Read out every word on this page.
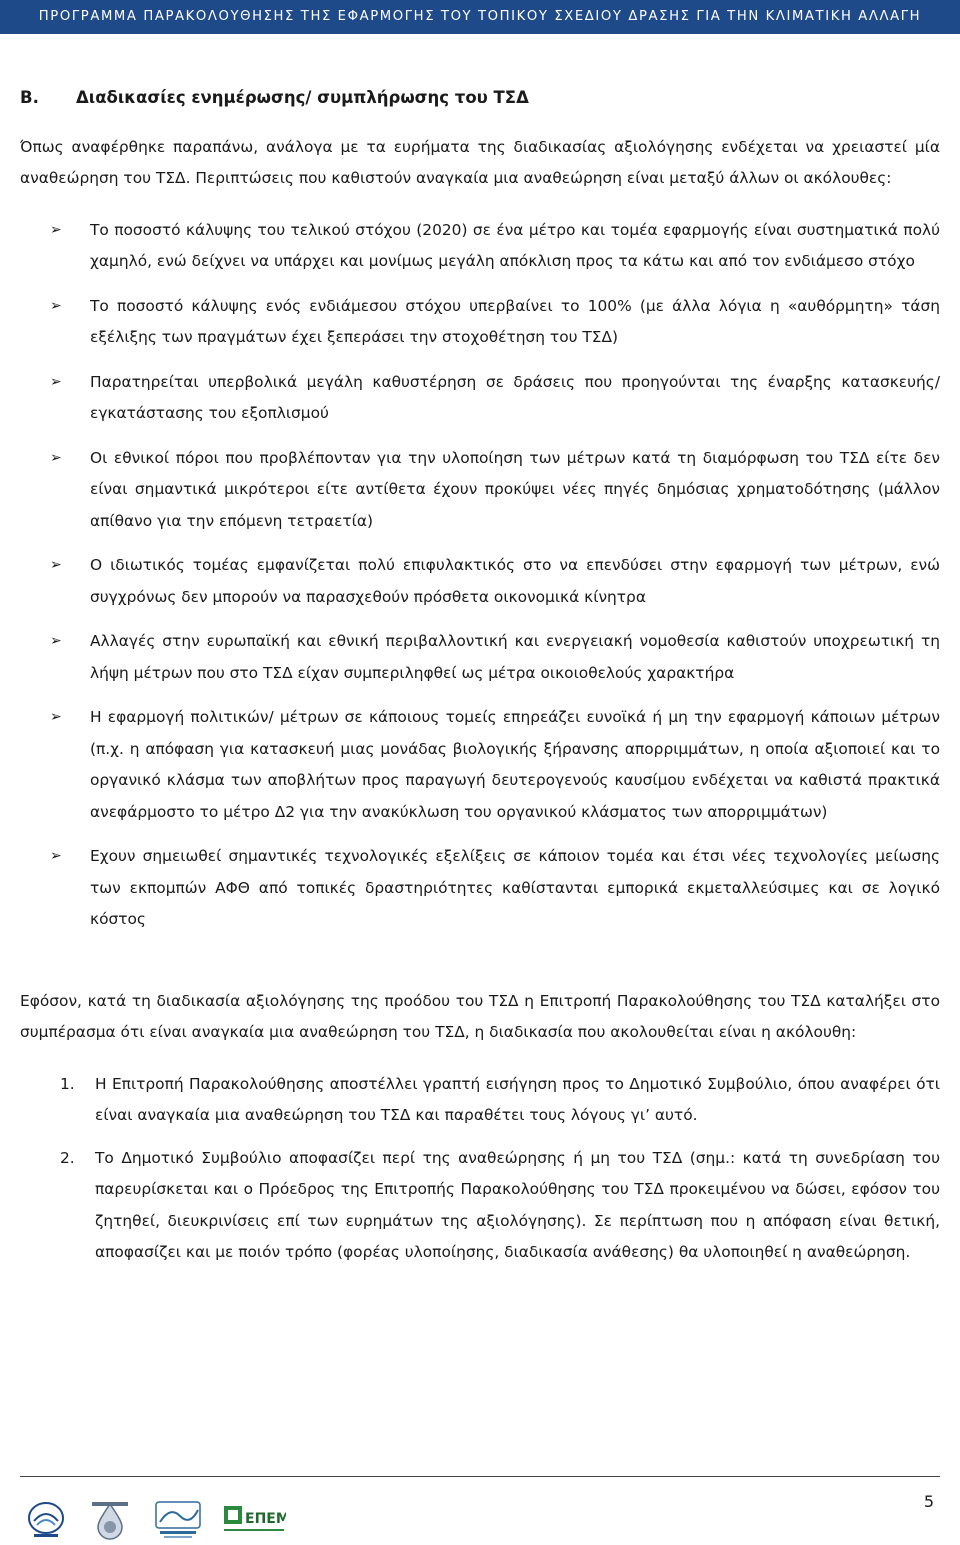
ΠΡΟΓΡΑΜΜΑ ΠΑΡΑΚΟΛΟΥΘΗΣΗΣ ΤΗΣ ΕΦΑΡΜΟΓΗΣ ΤΟΥ ΤΟΠΙΚΟΥ ΣΧΕΔΙΟΥ ΔΡΑΣΗΣ ΓΙΑ ΤΗΝ ΚΛΙΜΑΤΙΚΗ ΑΛΛΑΓΗ
Β. Διαδικασίες ενημέρωσης/ συμπλήρωσης του ΤΣΔ

Όπως αναφέρθηκε παραπάνω, ανάλογα με τα ευρήματα της διαδικασίας αξιολόγησης ενδέχεται να χρειαστεί μία αναθεώρηση του ΤΣΔ. Περιπτώσεις που καθιστούν αναγκαία μια αναθεώρηση είναι μεταξύ άλλων οι ακόλουθες:

➢ Το ποσοστό κάλυψης του τελικού στόχου (2020) σε ένα μέτρο και τομέα εφαρμογής είναι συστηματικά πολύ χαμηλό, ενώ δείχνει να υπάρχει και μονίμως μεγάλη απόκλιση προς τα κάτω και από τον ενδιάμεσο στόχο
➢ Το ποσοστό κάλυψης ενός ενδιάμεσου στόχου υπερβαίνει το 100% (με άλλα λόγια η «αυθόρμητη» τάση εξέλιξης των πραγμάτων έχει ξεπεράσει την στοχοθέτηση του ΤΣΔ)
➢ Παρατηρείται υπερβολικά μεγάλη καθυστέρηση σε δράσεις που προηγούνται της έναρξης κατασκευής/ εγκατάστασης του εξοπλισμού
➢ Οι εθνικοί πόροι που προβλέπονταν για την υλοποίηση των μέτρων κατά τη διαμόρφωση του ΤΣΔ είτε δεν είναι σημαντικά μικρότεροι είτε αντίθετα έχουν προκύψει νέες πηγές δημόσιας χρηματοδότησης (μάλλον απίθανο για την επόμενη τετραετία)
➢ Ο ιδιωτικός τομέας εμφανίζεται πολύ επιφυλακτικός στο να επενδύσει στην εφαρμογή των μέτρων, ενώ συγχρόνως δεν μπορούν να παρασχεθούν πρόσθετα οικονομικά κίνητρα
➢ Αλλαγές στην ευρωπαϊκή και εθνική περιβαλλοντική και ενεργειακή νομοθεσία καθιστούν υποχρεωτική τη λήψη μέτρων που στο ΤΣΔ είχαν συμπεριληφθεί ως μέτρα οικοιοθελούς χαρακτήρα
➢ Η εφαρμογή πολιτικών/ μέτρων σε κάποιους τομείς επηρεάζει ευνοϊκά ή μη την εφαρμογή κάποιων μέτρων (π.χ. η απόφαση για κατασκευή μιας μονάδας βιολογικής ξήρανσης απορριμμάτων, η οποία αξιοποιεί και το οργανικό κλάσμα των αποβλήτων προς παραγωγή δευτερογενούς καυσίμου ενδέχεται να καθιστά πρακτικά ανεφάρμοστο το μέτρο Δ2 για την ανακύκλωση του οργανικού κλάσματος των απορριμμάτων)
➢ Εχουν σημειωθεί σημαντικές τεχνολογικές εξελίξεις σε κάποιον τομέα και έτσι νέες τεχνολογίες μείωσης των εκπομπών ΑΦΘ από τοπικές δραστηριότητες καθίστανται εμπορικά εκμεταλλεύσιμες και σε λογικό κόστος

Εφόσον, κατά τη διαδικασία αξιολόγησης της προόδου του ΤΣΔ η Επιτροπή Παρακολούθησης του ΤΣΔ καταλήξει στο συμπέρασμα ότι είναι αναγκαία μια αναθεώρηση του ΤΣΔ, η διαδικασία που ακολουθείται είναι η ακόλουθη:

1. Η Επιτροπή Παρακολούθησης αποστέλλει γραπτή εισήγηση προς το Δημοτικό Συμβούλιο, όπου αναφέρει ότι είναι αναγκαία μια αναθεώρηση του ΤΣΔ και παραθέτει τους λόγους γι’ αυτό.
2. Το Δημοτικό Συμβούλιο αποφασίζει περί της αναθεώρησης ή μη του ΤΣΔ (σημ.: κατά τη συνεδρίαση του παρευρίσκεται και ο Πρόεδρος της Επιτροπής Παρακολούθησης του ΤΣΔ προκειμένου να δώσει, εφόσον του ζητηθεί, διευκρινίσεις επί των ευρημάτων της αξιολόγησης). Σε περίπτωση που η απόφαση είναι θετική, αποφασίζει και με ποιόν τρόπο (φορέας υλοποίησης, διαδικασία ανάθεσης) θα υλοποιηθεί η αναθεώρηση.
ΕΠΕΜ
5
